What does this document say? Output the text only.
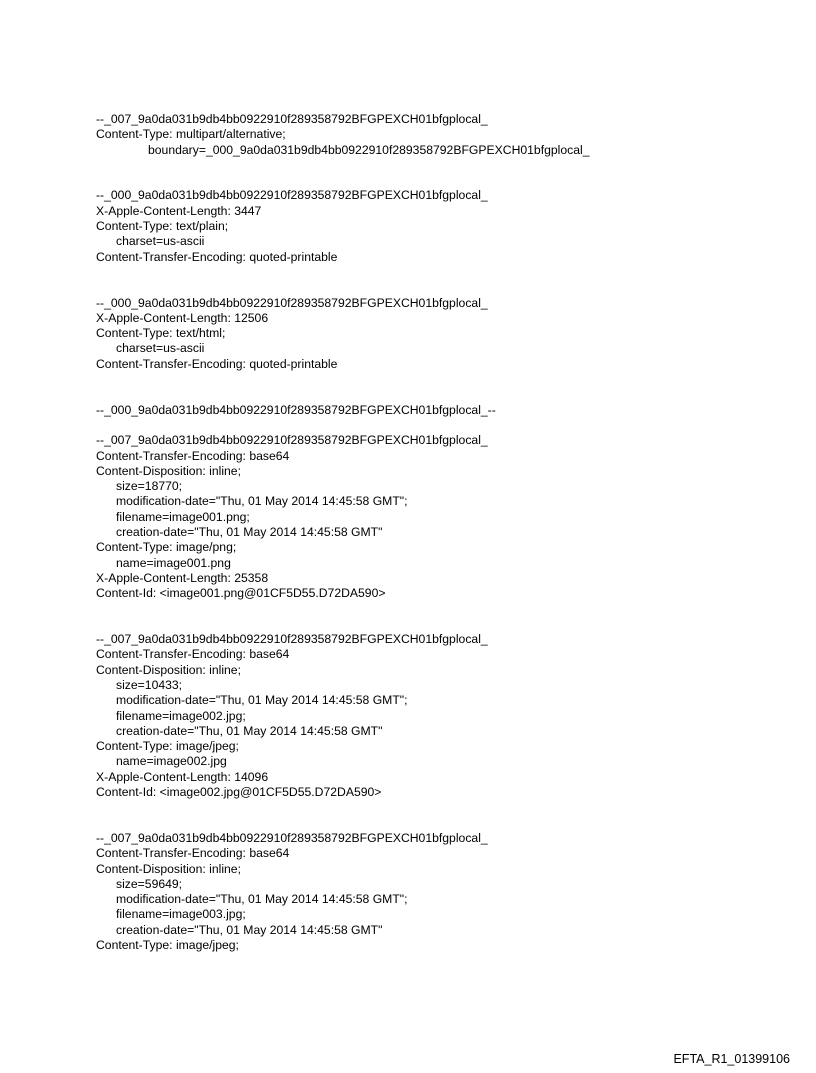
--_007_9a0da031b9db4bb0922910f289358792BFGPEXCH01bfgplocal_
Content-Type: multipart/alternative;
boundary=_000_9a0da031b9db4bb0922910f289358792BFGPEXCH01bfgplocal_
--_000_9a0da031b9db4bb0922910f289358792BFGPEXCH01bfgplocal_
X-Apple-Content-Length: 3447
Content-Type: text/plain;
charset=us-ascii
Content-Transfer-Encoding: quoted-printable
--_000_9a0da031b9db4bb0922910f289358792BFGPEXCH01bfgplocal_
X-Apple-Content-Length: 12506
Content-Type: text/html;
charset=us-ascii
Content-Transfer-Encoding: quoted-printable
--_000_9a0da031b9db4bb0922910f289358792BFGPEXCH01bfgplocal_--
--_007_9a0da031b9db4bb0922910f289358792BFGPEXCH01bfgplocal_
Content-Transfer-Encoding: base64
Content-Disposition: inline;
size=18770;
modification-date="Thu, 01 May 2014 14:45:58 GMT";
filename=image001.png;
creation-date="Thu, 01 May 2014 14:45:58 GMT"
Content-Type: image/png;
name=image001.png
X-Apple-Content-Length: 25358
Content-Id: <image001.png@01CF5D55.D72DA590>
--_007_9a0da031b9db4bb0922910f289358792BFGPEXCH01bfgplocal_
Content-Transfer-Encoding: base64
Content-Disposition: inline;
size=10433;
modification-date="Thu, 01 May 2014 14:45:58 GMT";
filename=image002.jpg;
creation-date="Thu, 01 May 2014 14:45:58 GMT"
Content-Type: image/jpeg;
name=image002.jpg
X-Apple-Content-Length: 14096
Content-Id: <image002.jpg@01CF5D55.D72DA590>
--_007_9a0da031b9db4bb0922910f289358792BFGPEXCH01bfgplocal_
Content-Transfer-Encoding: base64
Content-Disposition: inline;
size=59649;
modification-date="Thu, 01 May 2014 14:45:58 GMT";
filename=image003.jpg;
creation-date="Thu, 01 May 2014 14:45:58 GMT"
Content-Type: image/jpeg;
EFTA_R1_01399106
